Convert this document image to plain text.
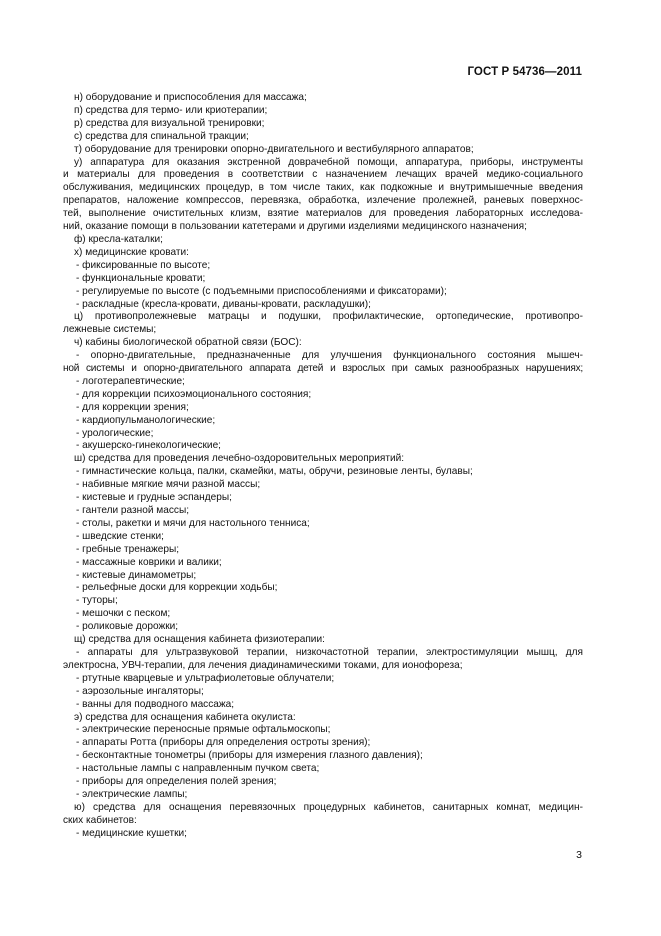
ГОСТ Р 54736—2011
н) оборудование и приспособления для массажа;
п) средства для термо- или криотерапии;
р) средства для визуальной тренировки;
с) средства для спинальной тракции;
т) оборудование для тренировки опорно-двигательного и вестибулярного аппаратов;
у) аппаратура для оказания экстренной доврачебной помощи, аппаратура, приборы, инструменты
и материалы для проведения в соответствии с назначением лечащих врачей медико-социального
обслуживания, медицинских процедур, в том числе таких, как подкожные и внутримышечные введения
препаратов, наложение компрессов, перевязка, обработка, излечение пролежней, раневых поверхнос-
тей, выполнение очистительных клизм, взятие материалов для проведения лабораторных исследова-
ний, оказание помощи в пользовании катетерами и другими изделиями медицинского назначения;
ф) кресла-каталки;
х) медицинские кровати:
- фиксированные по высоте;
- функциональные кровати;
- регулируемые по высоте (с подъемными приспособлениями и фиксаторами);
- раскладные (кресла-кровати, диваны-кровати, раскладушки);
ц) противопролежневые матрацы и подушки, профилактические, ортопедические, противопро-
лежневые системы;
ч) кабины биологической обратной связи (БОС):
- опорно-двигательные, предназначенные для улучшения функционального состояния мышеч-
ной системы и опорно-двигательного аппарата детей и взрослых при самых разнообразных нарушениях;
- логотерапевтические;
- для коррекции психоэмоционального состояния;
- для коррекции зрения;
- кардиопульманологические;
- урологические;
- акушерско-гинекологические;
ш) средства для проведения лечебно-оздоровительных мероприятий:
- гимнастические кольца, палки, скамейки, маты, обручи, резиновые ленты, булавы;
- набивные мягкие мячи разной массы;
- кистевые и грудные эспандеры;
- гантели разной массы;
- столы, ракетки и мячи для настольного тенниса;
- шведские стенки;
- гребные тренажеры;
- массажные коврики и валики;
- кистевые динамометры;
- рельефные доски для коррекции ходьбы;
- туторы;
- мешочки с песком;
- роликовые дорожки;
щ) средства для оснащения кабинета физиотерапии:
- аппараты для ультразвуковой терапии, низкочастотной терапии, электростимуляции мышц, для
электросна, УВЧ-терапии, для лечения диадинамическими токами, для ионофореза;
- ртутные кварцевые и ультрафиолетовые облучатели;
- аэрозольные ингаляторы;
- ванны для подводного массажа;
э) средства для оснащения кабинета окулиста:
- электрические переносные прямые офтальмоскопы;
- аппараты Ротта (приборы для определения остроты зрения);
- бесконтактные тонометры (приборы для измерения глазного давления);
- настольные лампы с направленным пучком света;
- приборы для определения полей зрения;
- электрические лампы;
ю) средства для оснащения перевязочных процедурных кабинетов, санитарных комнат, медицин-
ских кабинетов:
- медицинские кушетки;
3
